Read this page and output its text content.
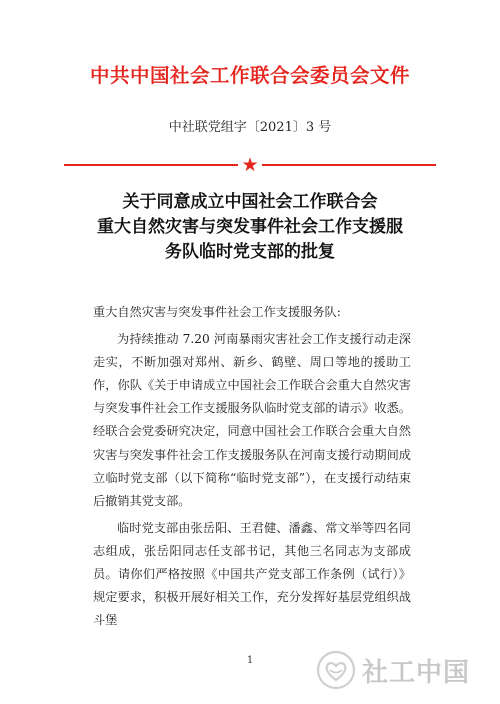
中共中国社会工作联合会委员会文件
中社联党组字〔2021〕3 号
★
关于同意成立中国社会工作联合会
重大自然灾害与突发事件社会工作支援服
务队临时党支部的批复

重大自然灾害与突发事件社会工作支援服务队:

为持续推动 7.20 河南暴雨灾害社会工作支援行动走深走实，不断加强对郑州、新乡、鹤壁、周口等地的援助工作，你队《关于申请成立中国社会工作联合会重大自然灾害与突发事件社会工作支援服务队临时党支部的请示》收悉。经联合会党委研究决定，同意中国社会工作联合会重大自然灾害与突发事件社会工作支援服务队在河南支援行动期间成立临时党支部（以下简称“临时党支部”），在支援行动结束后撤销其党支部。

临时党支部由张岳阳、王君健、潘鑫、常文举等四名同志组成，张岳阳同志任支部书记，其他三名同志为支部成员。请你们严格按照《中国共产党支部工作条例（试行）》规定要求，积极开展好相关工作，充分发挥好基层党组织战斗堡

1	社工中国
